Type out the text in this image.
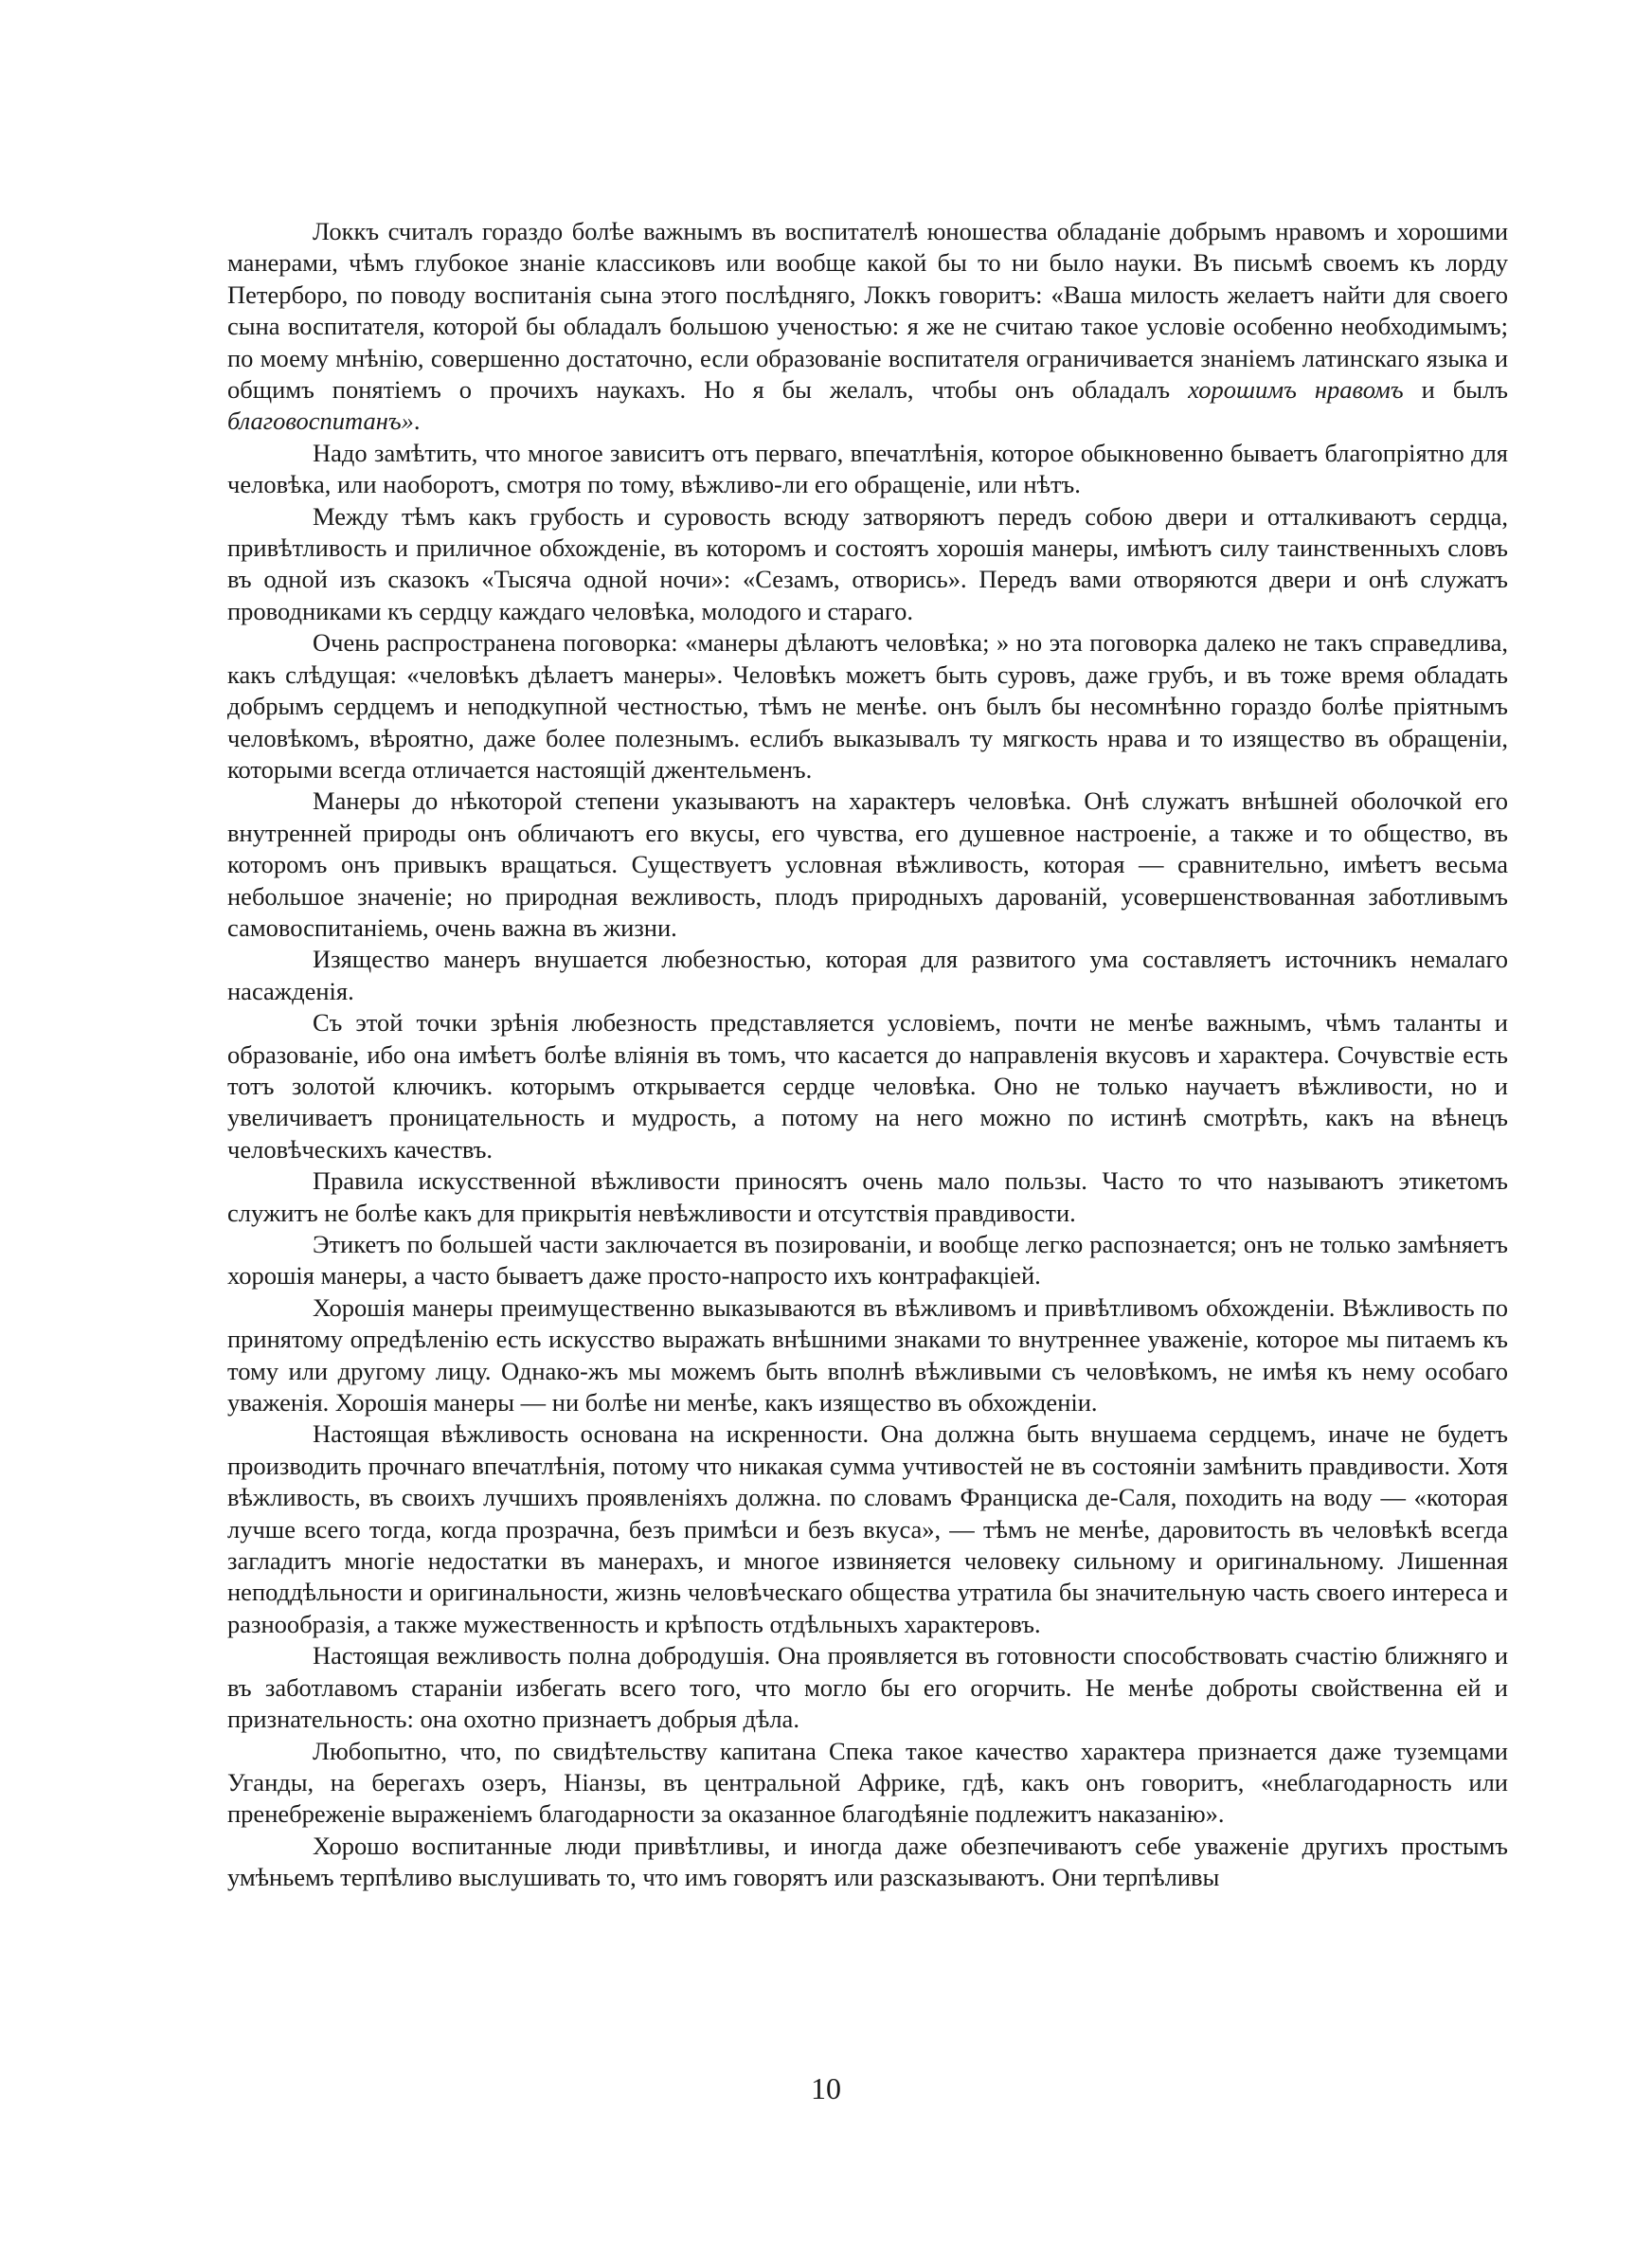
Локкъ считалъ гораздо болѣе важнымъ въ воспитателѣ юношества обладаніе добрымъ нравомъ и хорошими манерами, чѣмъ глубокое знаніе классиковъ или вообще какой бы то ни было науки. Въ письмѣ своемъ къ лорду Петерборо, по поводу воспитанія сына этого послѣдняго, Локкъ говоритъ: «Ваша милость желаетъ найти для своего сына воспитателя, которой бы обладалъ большою ученостью: я же не считаю такое условіе особенно необходимымъ; по моему мнѣнію, совершенно достаточно, если образованіе воспитателя ограничивается знаніемъ латинскаго языка и общимъ понятіемъ о прочихъ наукахъ. Но я бы желалъ, чтобы онъ обладалъ хорошимъ нравомъ и былъ благовоспитанъ».

Надо замѣтить, что многое зависитъ отъ перваго, впечатлѣнія, которое обыкновенно бываетъ благопріятно для человѣка, или наоборотъ, смотря по тому, вѣжливо-ли его обращеніе, или нѣтъ.

Между тѣмъ какъ грубость и суровость всюду затворяютъ передъ собою двери и отталкиваютъ сердца, привѣтливость и приличное обхожденіе, въ которомъ и состоятъ хорошія манеры, имѣютъ силу таинственныхъ словъ въ одной изъ сказокъ «Тысяча одной ночи»: «Сезамъ, отворись». Передъ вами отворяются двери и онѣ служатъ проводниками къ сердцу каждаго человѣка, молодого и стараго.

Очень распространена поговорка: «манеры дѣлаютъ человѣка; » но эта поговорка далеко не такъ справедлива, какъ слѣдущая: «человѣкъ дѣлаетъ манеры». Человѣкъ можетъ быть суровъ, даже грубъ, и въ тоже время обладать добрымъ сердцемъ и неподкупной честностью, тѣмъ не менѣе. онъ былъ бы несомнѣнно гораздо болѣе пріятнымъ человѣкомъ, вѣроятно, даже более полезнымъ. еслибъ выказывалъ ту мягкость нрава и то изящество въ обращеніи, которыми всегда отличается настоящій джентельменъ.

Манеры до нѣкоторой степени указываютъ на характеръ человѣка. Онѣ служатъ внѣшней оболочкой его внутренней природы онъ обличаютъ его вкусы, его чувства, его душевное настроеніе, а также и то общество, въ которомъ онъ привыкъ вращаться. Существуетъ условная вѣжливость, которая — сравнительно, имѣетъ весьма небольшое значеніе; но природная вежливость, плодъ природныхъ дарованій, усовершенствованная заботливымъ самовоспитаніемь, очень важна въ жизни.

Изящество манеръ внушается любезностью, которая для развитого ума составляетъ источникъ немалаго насажденія.

Съ этой точки зрѣнія любезность представляется условіемъ, почти не менѣе важнымъ, чѣмъ таланты и образованіе, ибо она имѣетъ болѣе вліянія въ томъ, что касается до направленія вкусовъ и характера. Сочувствіе есть тотъ золотой ключикъ. которымъ открывается сердце человѣка. Оно не только научаетъ вѣжливости, но и увеличиваетъ проницательность и мудрость, а потому на него можно по истинѣ смотрѣть, какъ на вѣнецъ человѣческихъ качествъ.

Правила искусственной вѣжливости приносятъ очень мало пользы. Часто то что называютъ этикетомъ служитъ не болѣе какъ для прикрытія невѣжливости и отсутствія правдивости.

Этикетъ по большей части заключается въ позированіи, и вообще легко распознается; онъ не только замѣняетъ хорошія манеры, а часто бываетъ даже просто-напросто ихъ контрафакціей.

Хорошія манеры преимущественно выказываются въ вѣжливомъ и привѣтливомъ обхожденіи. Вѣжливость по принятому опредѣленію есть искусство выражать внѣшними знаками то внутреннее уваженіе, которое мы питаемъ къ тому или другому лицу. Однако-жъ мы можемъ быть вполнѣ вѣжливыми съ человѣкомъ, не имѣя къ нему особаго уваженія. Хорошія манеры — ни болѣе ни менѣе, какъ изящество въ обхожденіи.

Настоящая вѣжливость основана на искренности. Она должна быть внушаема сердцемъ, иначе не будетъ производить прочнаго впечатлѣнія, потому что никакая сумма учтивостей не въ состояніи замѣнить правдивости. Хотя вѣжливость, въ своихъ лучшихъ проявленіяхъ должна. по словамъ Франциска де-Саля, походить на воду — «которая лучше всего тогда, когда прозрачна, безъ примѣси и безъ вкуса», — тѣмъ не менѣе, даровитость въ человѣкѣ всегда загладитъ многіе недостатки въ манерахъ, и многое извиняется человеку сильному и оригинальному. Лишенная неподдѣльности и оригинальности, жизнь человѣческаго общества утратила бы значительную часть своего интереса и разнообразія, а также мужественность и крѣпость отдѣльныхъ характеровъ.

Настоящая вежливость полна добродушія. Она проявляется въ готовности способствовать счастію ближняго и въ заботлавомъ стараніи избегать всего того, что могло бы его огорчить. Не менѣе доброты свойственна ей и признательность: она охотно признаетъ добрыя дѣла.

Любопытно, что, по свидѣтельству капитана Спека такое качество характера признается даже туземцами Уганды, на берегахъ озеръ, Ніанзы, въ центральной Африке, гдѣ, какъ онъ говоритъ, «неблагодарность или пренебреженіе выраженіемъ благодарности за оказанное благодѣяніе подлежитъ наказанію».

Хорошо воспитанные люди привѣтливы, и иногда даже обезпечиваютъ себе уваженіе другихъ простымъ умѣньемъ терпѣливо выслушивать то, что имъ говорятъ или разсказываютъ. Они терпѣливы

10
